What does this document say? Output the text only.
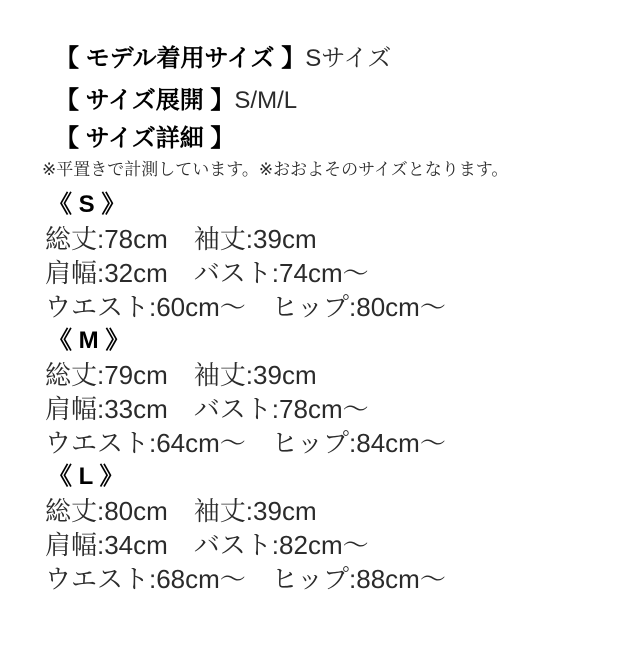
【 モデル着用サイズ 】Sサイズ
【 サイズ展開 】S/M/L
【 サイズ詳細 】
※平置きで計測しています。※おおよそのサイズとなります。
《 S 》
総丈:78cm　袖丈:39cm
肩幅:32cm　バスト:74cm〜
ウエスト:60cm〜　ヒップ:80cm〜
《 M 》
総丈:79cm　袖丈:39cm
肩幅:33cm　バスト:78cm〜
ウエスト:64cm〜　ヒップ:84cm〜
《 L 》
総丈:80cm　袖丈:39cm
肩幅:34cm　バスト:82cm〜
ウエスト:68cm〜　ヒップ:88cm〜
